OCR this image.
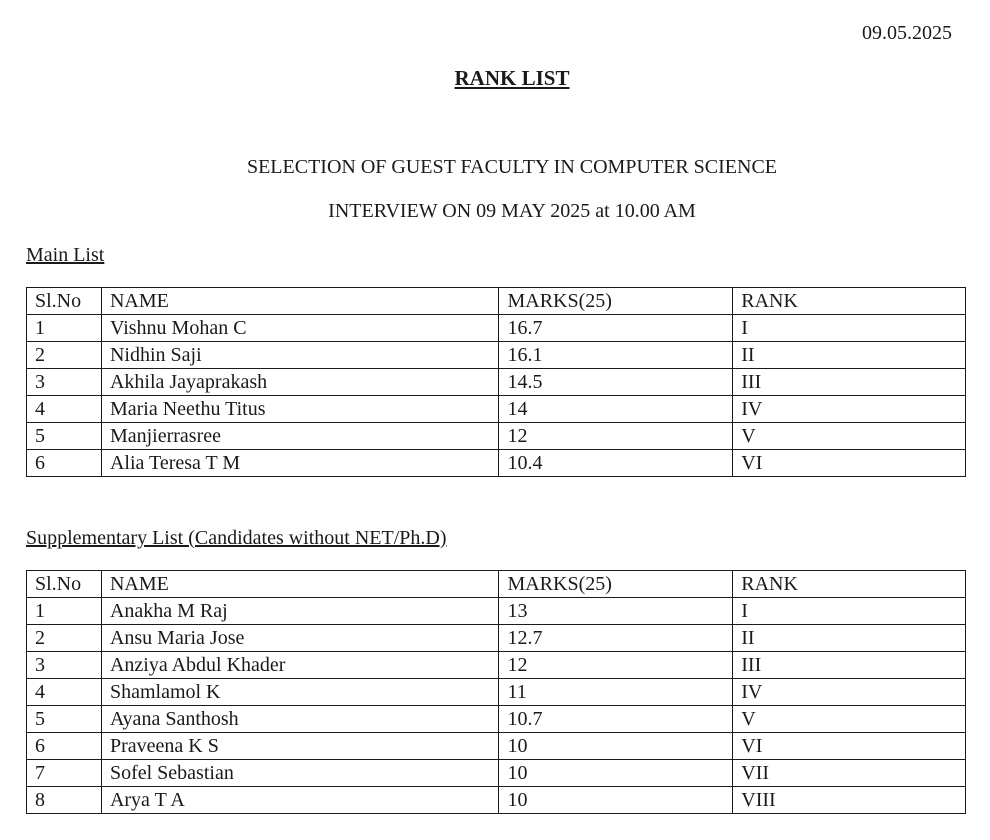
09.05.2025
RANK LIST
SELECTION OF GUEST FACULTY IN COMPUTER SCIENCE
INTERVIEW ON 09 MAY 2025 at 10.00 AM
Main List
Sl.No	NAME	MARKS(25)	RANK
1	Vishnu Mohan C	16.7	I
2	Nidhin Saji	16.1	II
3	Akhila Jayaprakash	14.5	III
4	Maria Neethu Titus	14	IV
5	Manjierrasree	12	V
6	Alia Teresa T M	10.4	VI
Supplementary List (Candidates without NET/Ph.D)
Sl.No	NAME	MARKS(25)	RANK
1	Anakha M Raj	13	I
2	Ansu Maria Jose	12.7	II
3	Anziya Abdul Khader	12	III
4	Shamlamol K	11	IV
5	Ayana Santhosh	10.7	V
6	Praveena K S	10	VI
7	Sofel Sebastian	10	VII
8	Arya T A	10	VIII
